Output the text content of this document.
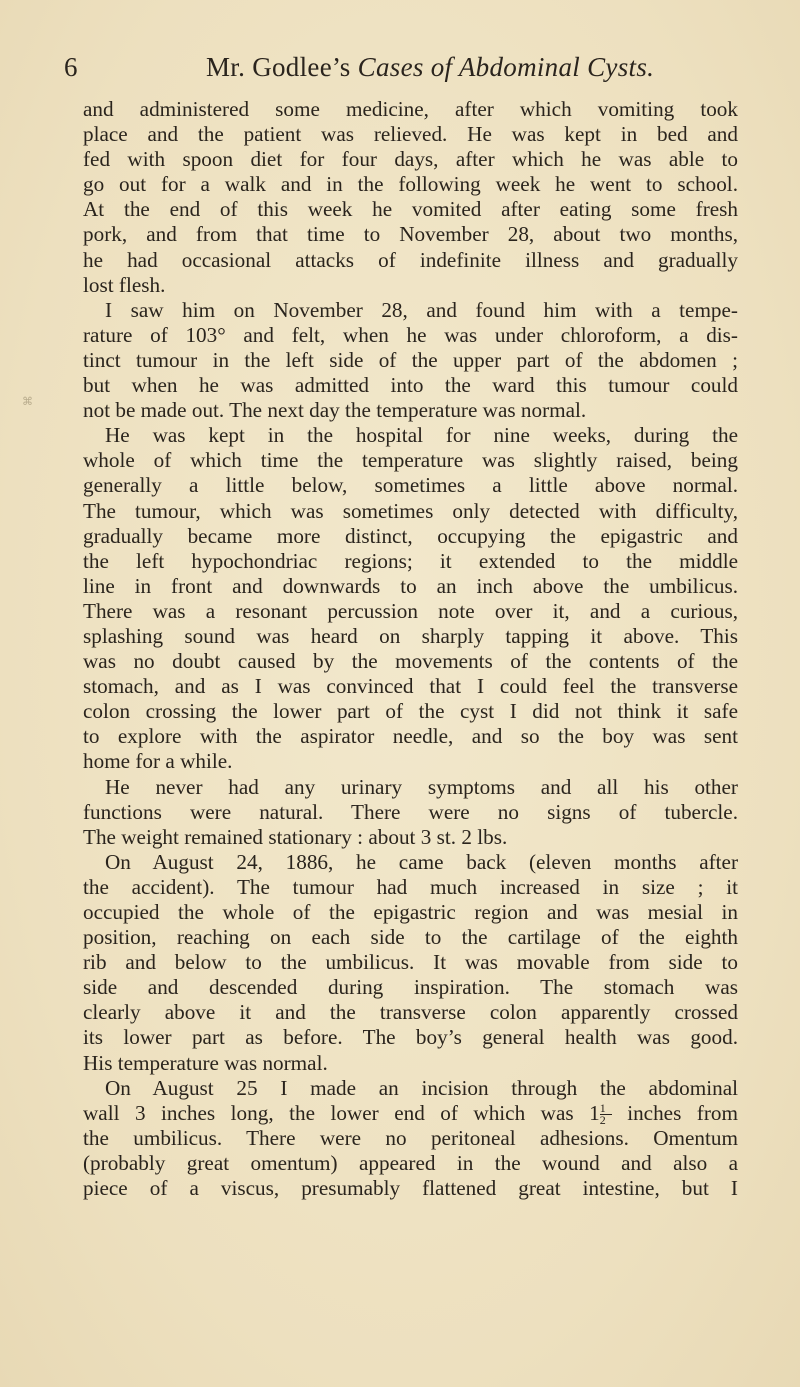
6	Mr. Godlee’s Cases of Abdominal Cysts.
⌘
and administered some medicine, after which vomiting took
place and the patient was relieved. He was kept in bed and
fed with spoon diet for four days, after which he was able to
go out for a walk and in the following week he went to school.
At the end of this week he vomited after eating some fresh
pork, and from that time to November 28, about two months,
he had occasional attacks of indefinite illness and gradually
lost flesh.
I saw him on November 28, and found him with a tempe-
rature of 103° and felt, when he was under chloroform, a dis-
tinct tumour in the left side of the upper part of the abdomen ;
but when he was admitted into the ward this tumour could
not be made out. The next day the temperature was normal.
He was kept in the hospital for nine weeks, during the
whole of which time the temperature was slightly raised, being
generally a little below, sometimes a little above normal.
The tumour, which was sometimes only detected with difficulty,
gradually became more distinct, occupying the epigastric and
the left hypochondriac regions; it extended to the middle
line in front and downwards to an inch above the umbilicus.
There was a resonant percussion note over it, and a curious,
splashing sound was heard on sharply tapping it above. This
was no doubt caused by the movements of the contents of the
stomach, and as I was convinced that I could feel the transverse
colon crossing the lower part of the cyst I did not think it safe
to explore with the aspirator needle, and so the boy was sent
home for a while.
He never had any urinary symptoms and all his other
functions were natural. There were no signs of tubercle.
The weight remained stationary : about 3 st. 2 lbs.
On August 24, 1886, he came back (eleven months after
the accident). The tumour had much increased in size ; it
occupied the whole of the epigastric region and was mesial in
position, reaching on each side to the cartilage of the eighth
rib and below to the umbilicus. It was movable from side to
side and descended during inspiration. The stomach was
clearly above it and the transverse colon apparently crossed
its lower part as before. The boy’s general health was good.
His temperature was normal.
On August 25 I made an incision through the abdominal
wall 3 inches long, the lower end of which was $1 \frac{1}{2}$ inches from
the umbilicus. There were no peritoneal adhesions. Omentum
(probably great omentum) appeared in the wound and also a
piece of a viscus, presumably flattened great intestine, but I
